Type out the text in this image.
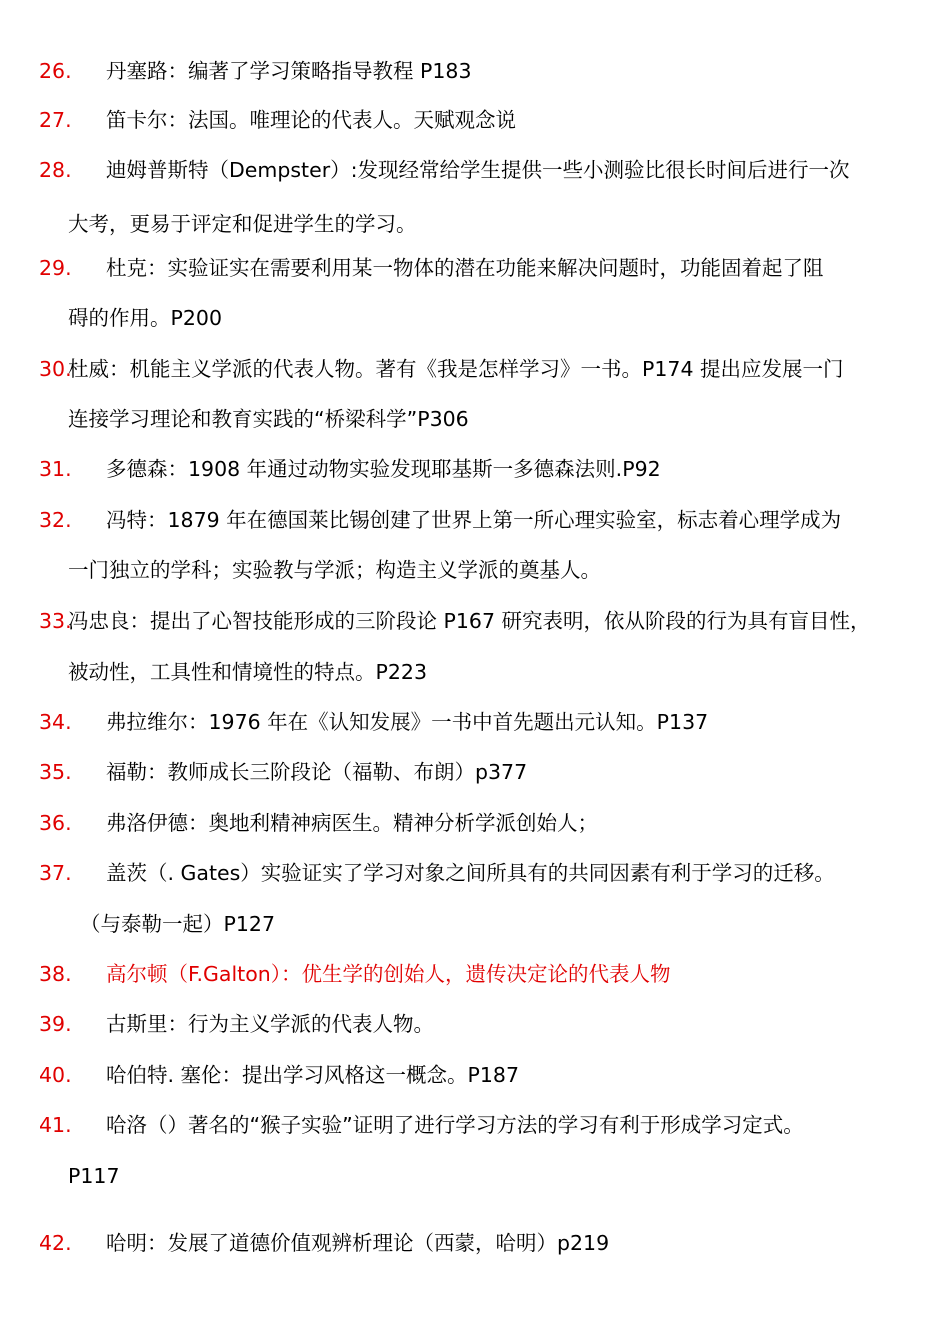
26. 丹塞路：编著了学习策略指导教程 P183
27. 笛卡尔：法国。唯理论的代表人。天赋观念说
28. 迪姆普斯特（Dempster）:发现经常给学生提供一些小测验比很长时间后进行一次
大考，更易于评定和促进学生的学习。
29. 杜克：实验证实在需要利用某一物体的潜在功能来解决问题时，功能固着起了阻
碍的作用。P200
30.
杜威：机能主义学派的代表人物。著有《我是怎样学习》一书。P174 提出应发展一门
连接学习理论和教育实践的“桥梁科学”P306
31. 多德森：1908 年通过动物实验发现耶基斯一多德森法则.P92
32. 冯特：1879 年在德国莱比锡创建了世界上第一所心理实验室，标志着心理学成为
一门独立的学科；实验教与学派；构造主义学派的奠基人。
33.
冯忠良：提出了心智技能形成的三阶段论 P167 研究表明，依从阶段的行为具有盲目性，
被动性，工具性和情境性的特点。P223
34. 弗拉维尔：1976 年在《认知发展》一书中首先题出元认知。P137
35. 福勒：教师成长三阶段论（福勒、布朗）p377
36. 弗洛伊德：奥地利精神病医生。精神分析学派创始人；
37. 盖茨（. Gates）实验证实了学习对象之间所具有的共同因素有利于学习的迁移。
（与泰勒一起）P127
38. 高尔顿（F.Galton）：优生学的创始人，遗传决定论的代表人物
39. 古斯里：行为主义学派的代表人物。
40. 哈伯特. 塞伦：提出学习风格这一概念。P187
41. 哈洛（）著名的“猴子实验”证明了进行学习方法的学习有利于形成学习定式。
P117
42. 哈明：发展了道德价值观辨析理论（西蒙，哈明）p219
